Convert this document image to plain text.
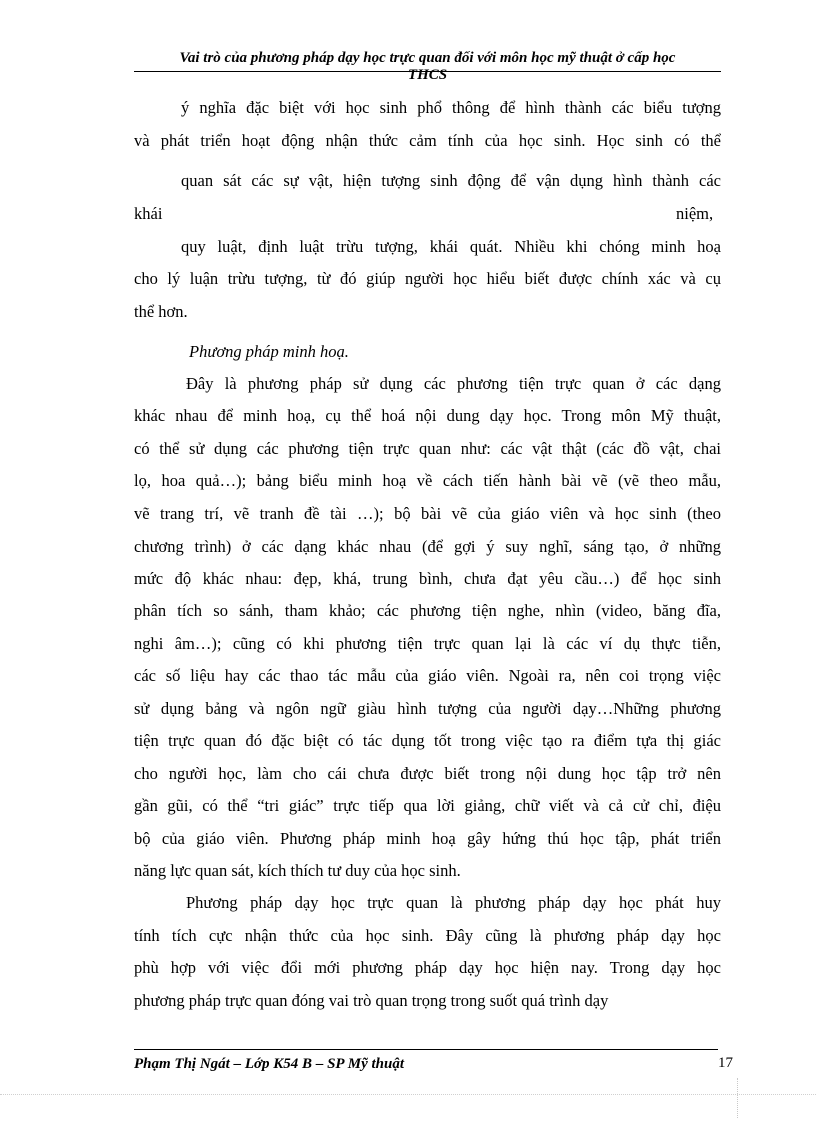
Vai trò của phương pháp dạy học trực quan đối với môn học mỹ thuật ở cấp học
THCS
ý nghĩa đặc biệt với học sinh phổ thông để hình thành các biểu tượng
và phát triển hoạt động nhận thức cảm tính của học sinh. Học sinh có thể
quan sát các sự vật, hiện tượng sinh động để vận dụng hình thành các
khái	niệm,
quy luật, định luật trừu tượng, khái quát. Nhiều khi chóng minh hoạ
cho lý luận trừu tượng, từ đó giúp người học hiểu biết được chính xác và cụ
thể hơn.
Phương pháp minh hoạ.
Đây là phương pháp sử dụng các phương tiện trực quan ở các dạng
khác nhau để minh hoạ, cụ thể hoá nội dung dạy học. Trong môn Mỹ thuật,
có thể sử dụng các phương tiện trực quan như: các vật thật (các đồ vật, chai
lọ, hoa quả…); bảng biểu minh hoạ về cách tiến hành bài vẽ (vẽ theo mẫu,
vẽ trang trí, vẽ tranh đề tài …); bộ bài vẽ của giáo viên và học sinh (theo
chương trình) ở các dạng khác nhau (để gợi ý suy nghĩ, sáng tạo, ở những
mức độ khác nhau: đẹp, khá, trung bình, chưa đạt yêu cầu…) để học sinh
phân tích so sánh, tham khảo; các phương tiện nghe, nhìn (video, băng đĩa,
nghi âm…); cũng có khi phương tiện trực quan lại là các ví dụ thực tiễn,
các số liệu hay các thao tác mẫu của giáo viên. Ngoài ra, nên coi trọng việc
sử dụng bảng và ngôn ngữ giàu hình tượng của người dạy…Những phương
tiện trực quan đó đặc biệt có tác dụng tốt trong việc tạo ra điểm tựa thị giác
cho người học, làm cho cái chưa được biết trong nội dung học tập trở nên
gần gũi, có thể “tri giác” trực tiếp qua lời giảng, chữ viết và cả cử chỉ, điệu
bộ của giáo viên. Phương pháp minh hoạ gây hứng thú học tập, phát triển
năng lực quan sát, kích thích tư duy của học sinh.
Phương pháp dạy học trực quan là phương pháp dạy học phát huy
tính tích cực nhận thức của học sinh. Đây cũng là phương pháp dạy học
phù hợp với việc đổi mới phương pháp dạy học hiện nay. Trong dạy học
phương pháp trực quan đóng vai trò quan trọng trong suốt quá trình dạy
Phạm Thị Ngát – Lớp K54 B – SP Mỹ thuật	17
